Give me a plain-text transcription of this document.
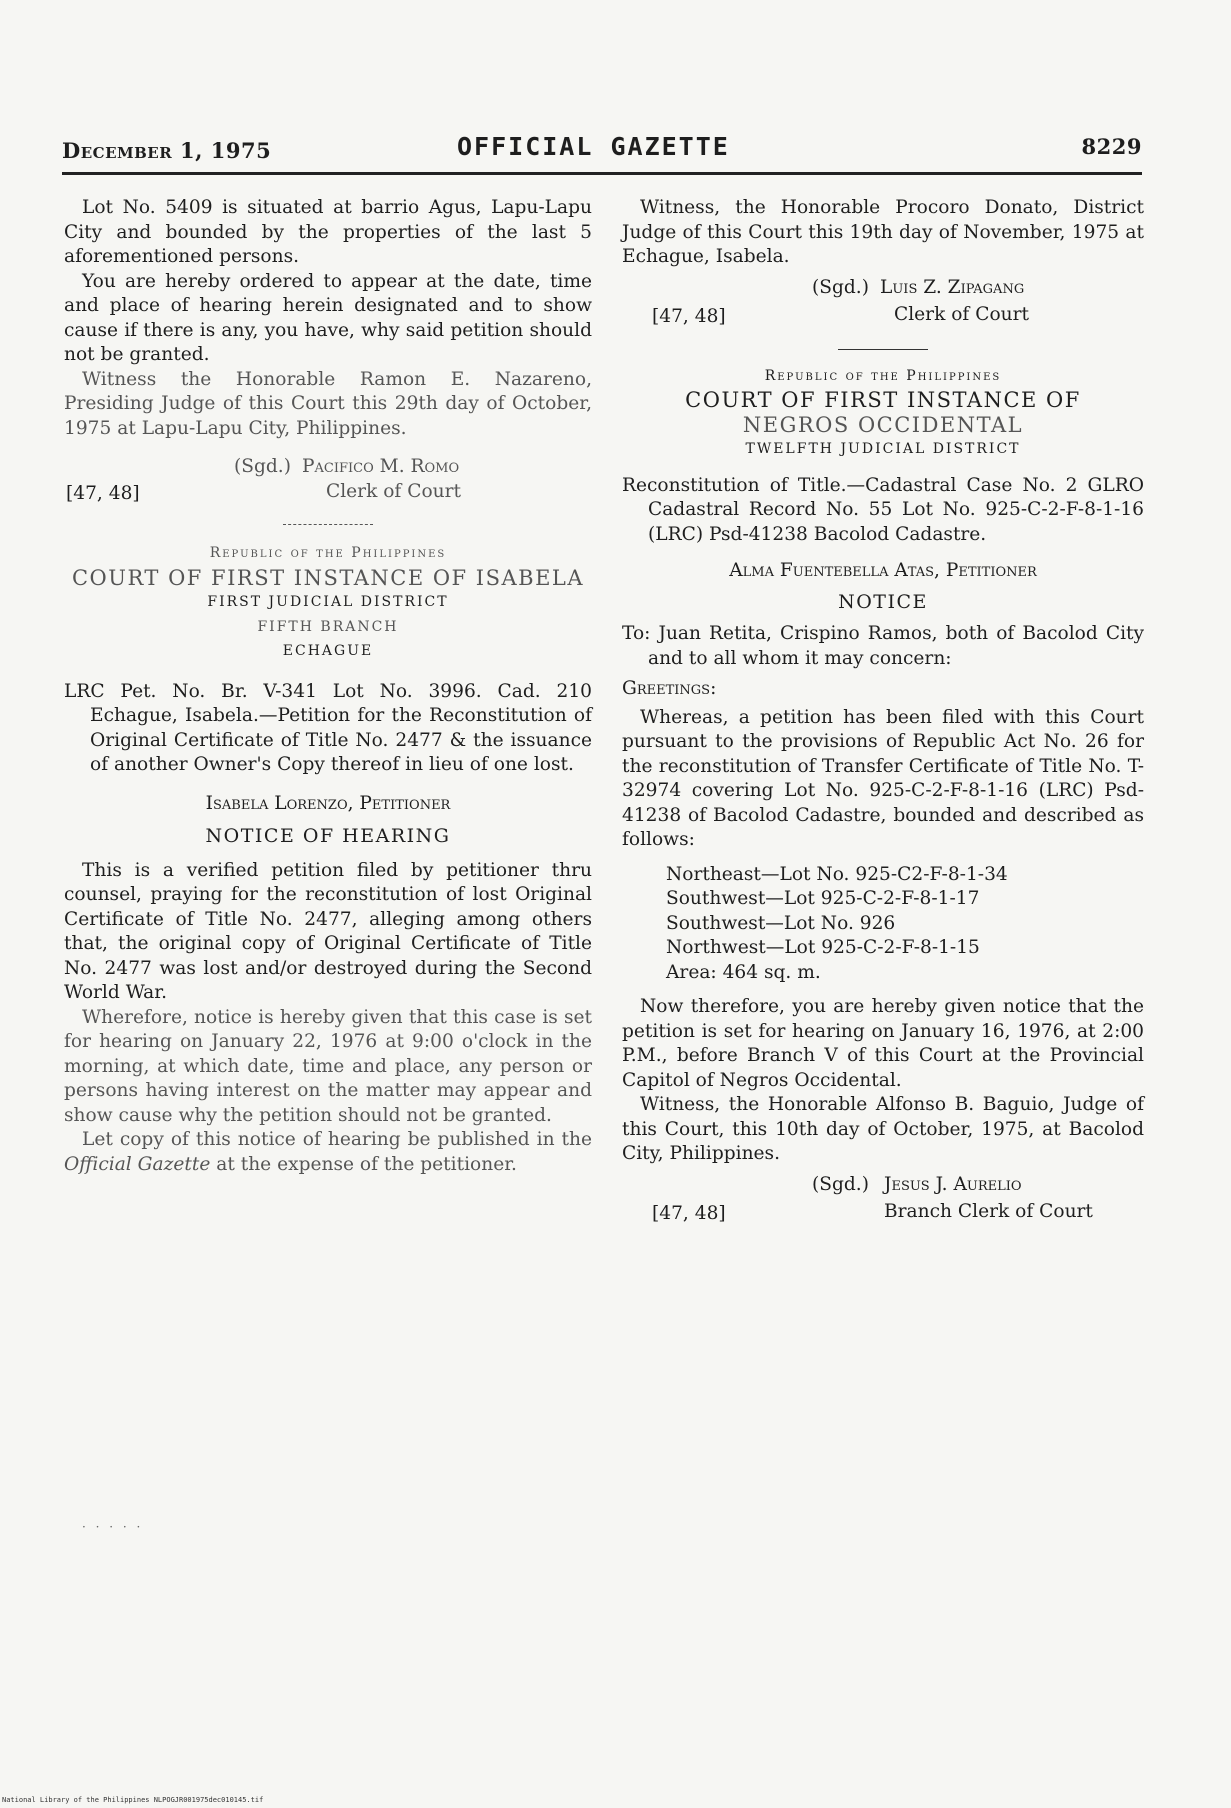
December 1, 1975	OFFICIAL GAZETTE	8229

Lot No. 5409 is situated at barrio Agus, Lapu-Lapu City and bounded by the properties of the last 5 aforementioned persons.

You are hereby ordered to appear at the date, time and place of hearing herein designated and to show cause if there is any, you have, why said petition should not be granted.

Witness the Honorable Ramon E. Nazareno, Presiding Judge of this Court this 29th day of October, 1975 at Lapu-Lapu City, Philippines.

(Sgd.) Pacifico M. Romo
[47, 48]	Clerk of Court

Republic of the Philippines

COURT OF FIRST INSTANCE OF ISABELA

FIRST JUDICIAL DISTRICT

FIFTH BRANCH

ECHAGUE

LRC Pet. No. Br. V-341 Lot No. 3996. Cad. 210 Echague, Isabela.—Petition for the Reconstitution of Original Certificate of Title No. 2477 & the issuance of another Owner's Copy thereof in lieu of one lost.

Isabela Lorenzo, Petitioner

NOTICE OF HEARING

This is a verified petition filed by petitioner thru counsel, praying for the reconstitution of lost Original Certificate of Title No. 2477, alleging among others that, the original copy of Original Certificate of Title No. 2477 was lost and/or destroyed during the Second World War.

Wherefore, notice is hereby given that this case is set for hearing on January 22, 1976 at 9:00 o'clock in the morning, at which date, time and place, any person or persons having interest on the matter may appear and show cause why the petition should not be granted.

Let copy of this notice of hearing be published in the Official Gazette at the expense of the petitioner.

Witness, the Honorable Procoro Donato, District Judge of this Court this 19th day of November, 1975 at Echague, Isabela.

(Sgd.) Luis Z. Zipagang
[47, 48]	Clerk of Court

Republic of the Philippines

COURT OF FIRST INSTANCE OF

NEGROS OCCIDENTAL

TWELFTH JUDICIAL DISTRICT

Reconstitution of Title.—Cadastral Case No. 2 GLRO Cadastral Record No. 55 Lot No. 925-C-2-F-8-1-16 (LRC) Psd-41238 Bacolod Cadastre.

Alma Fuentebella Atas, Petitioner

NOTICE

To: Juan Retita, Crispino Ramos, both of Bacolod City and to all whom it may concern:

Greetings:

Whereas, a petition has been filed with this Court pursuant to the provisions of Republic Act No. 26 for the reconstitution of Transfer Certificate of Title No. T-32974 covering Lot No. 925-C-2-F-8-1-16 (LRC) Psd-41238 of Bacolod Cadastre, bounded and described as follows:

Northeast—Lot No. 925-C2-F-8-1-34

Southwest—Lot 925-C-2-F-8-1-17

Southwest—Lot No. 926

Northwest—Lot 925-C-2-F-8-1-15

Area: 464 sq. m.

Now therefore, you are hereby given notice that the petition is set for hearing on January 16, 1976, at 2:00 P.M., before Branch V of this Court at the Provincial Capitol of Negros Occidental.

Witness, the Honorable Alfonso B. Baguio, Judge of this Court, this 10th day of October, 1975, at Bacolod City, Philippines.

(Sgd.) Jesus J. Aurelio
[47, 48]	Branch Clerk of Court
· · · · ·
National Library of the Philippines NLPOGJR001975dec010145.tif
